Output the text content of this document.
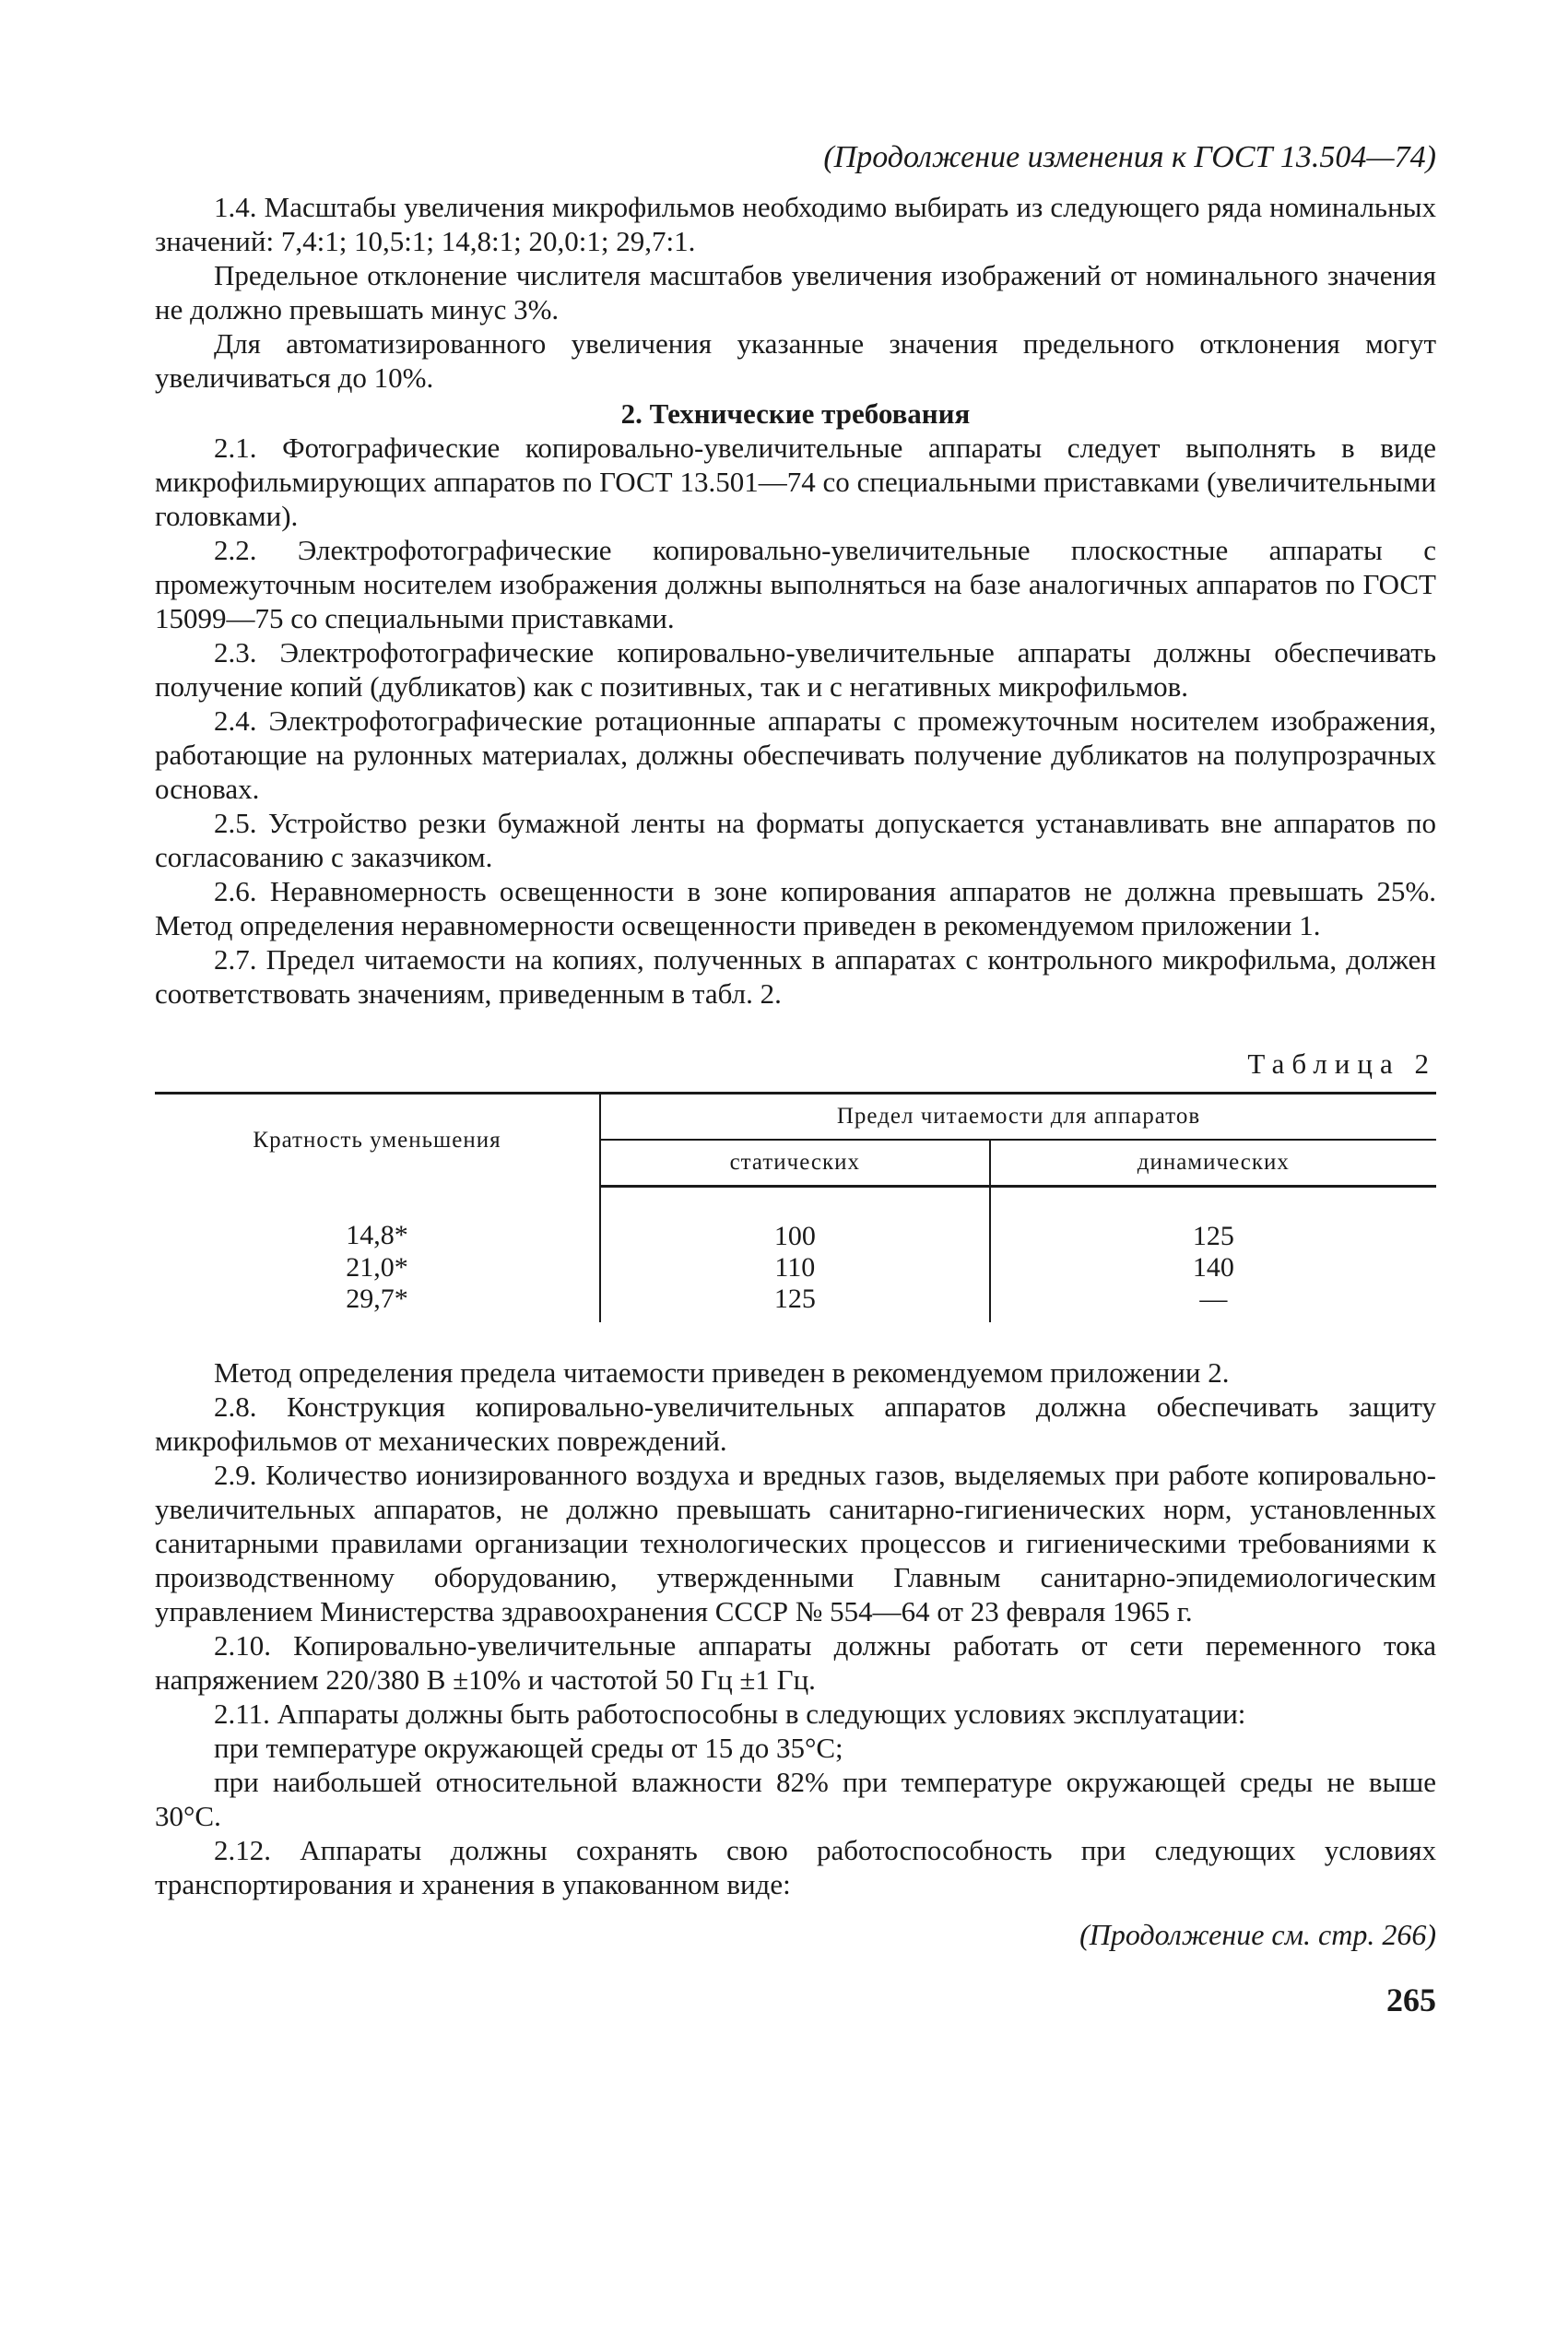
(Продолжение изменения к ГОСТ 13.504—74)

1.4. Масштабы увеличения микрофильмов необходимо выбирать из следующего ряда номинальных значений: 7,4:1; 10,5:1; 14,8:1; 20,0:1; 29,7:1.

Предельное отклонение числителя масштабов увеличения изображений от номинального значения не должно превышать минус 3%.

Для автоматизированного увеличения указанные значения предельного отклонения могут увеличиваться до 10%.

2. Технические требования

2.1. Фотографические копировально-увеличительные аппараты следует выполнять в виде микрофильмирующих аппаратов по ГОСТ 13.501—74 со специальными приставками (увеличительными головками).

2.2. Электрофотографические копировально-увеличительные плоскостные аппараты с промежуточным носителем изображения должны выполняться на базе аналогичных аппаратов по ГОСТ 15099—75 со специальными приставками.

2.3. Электрофотографические копировально-увеличительные аппараты должны обеспечивать получение копий (дубликатов) как с позитивных, так и с негативных микрофильмов.

2.4. Электрофотографические ротационные аппараты с промежуточным носителем изображения, работающие на рулонных материалах, должны обеспечивать получение дубликатов на полупрозрачных основах.

2.5. Устройство резки бумажной ленты на форматы допускается устанавливать вне аппаратов по согласованию с заказчиком.

2.6. Неравномерность освещенности в зоне копирования аппаратов не должна превышать 25%. Метод определения неравномерности освещенности приведен в рекомендуемом приложении 1.

2.7. Предел читаемости на копиях, полученных в аппаратах с контрольного микрофильма, должен соответствовать значениям, приведенным в табл. 2.

Таблица 2
Кратность уменьшения	Предел читаемости для аппаратов	
	статических	динамических
14,8*	100	125
21,0*	110	140
29,7*	125	—

Метод определения предела читаемости приведен в рекомендуемом приложении 2.

2.8. Конструкция копировально-увеличительных аппаратов должна обеспечивать защиту микрофильмов от механических повреждений.

2.9. Количество ионизированного воздуха и вредных газов, выделяемых при работе копировально-увеличительных аппаратов, не должно превышать санитарно-гигиенических норм, установленных санитарными правилами организации технологических процессов и гигиеническими требованиями к производственному оборудованию, утвержденными Главным санитарно-эпидемиологическим управлением Министерства здравоохранения СССР № 554—64 от 23 февраля 1965 г.

2.10. Копировально-увеличительные аппараты должны работать от сети переменного тока напряжением 220/380 В ±10% и частотой 50 Гц ±1 Гц.

2.11. Аппараты должны быть работоспособны в следующих условиях эксплуатации:

при температуре окружающей среды от 15 до 35°С;

при наибольшей относительной влажности 82% при температуре окружающей среды не выше 30°С.

2.12. Аппараты должны сохранять свою работоспособность при следующих условиях транспортирования и хранения в упакованном виде:

(Продолжение см. стр. 266)
265
